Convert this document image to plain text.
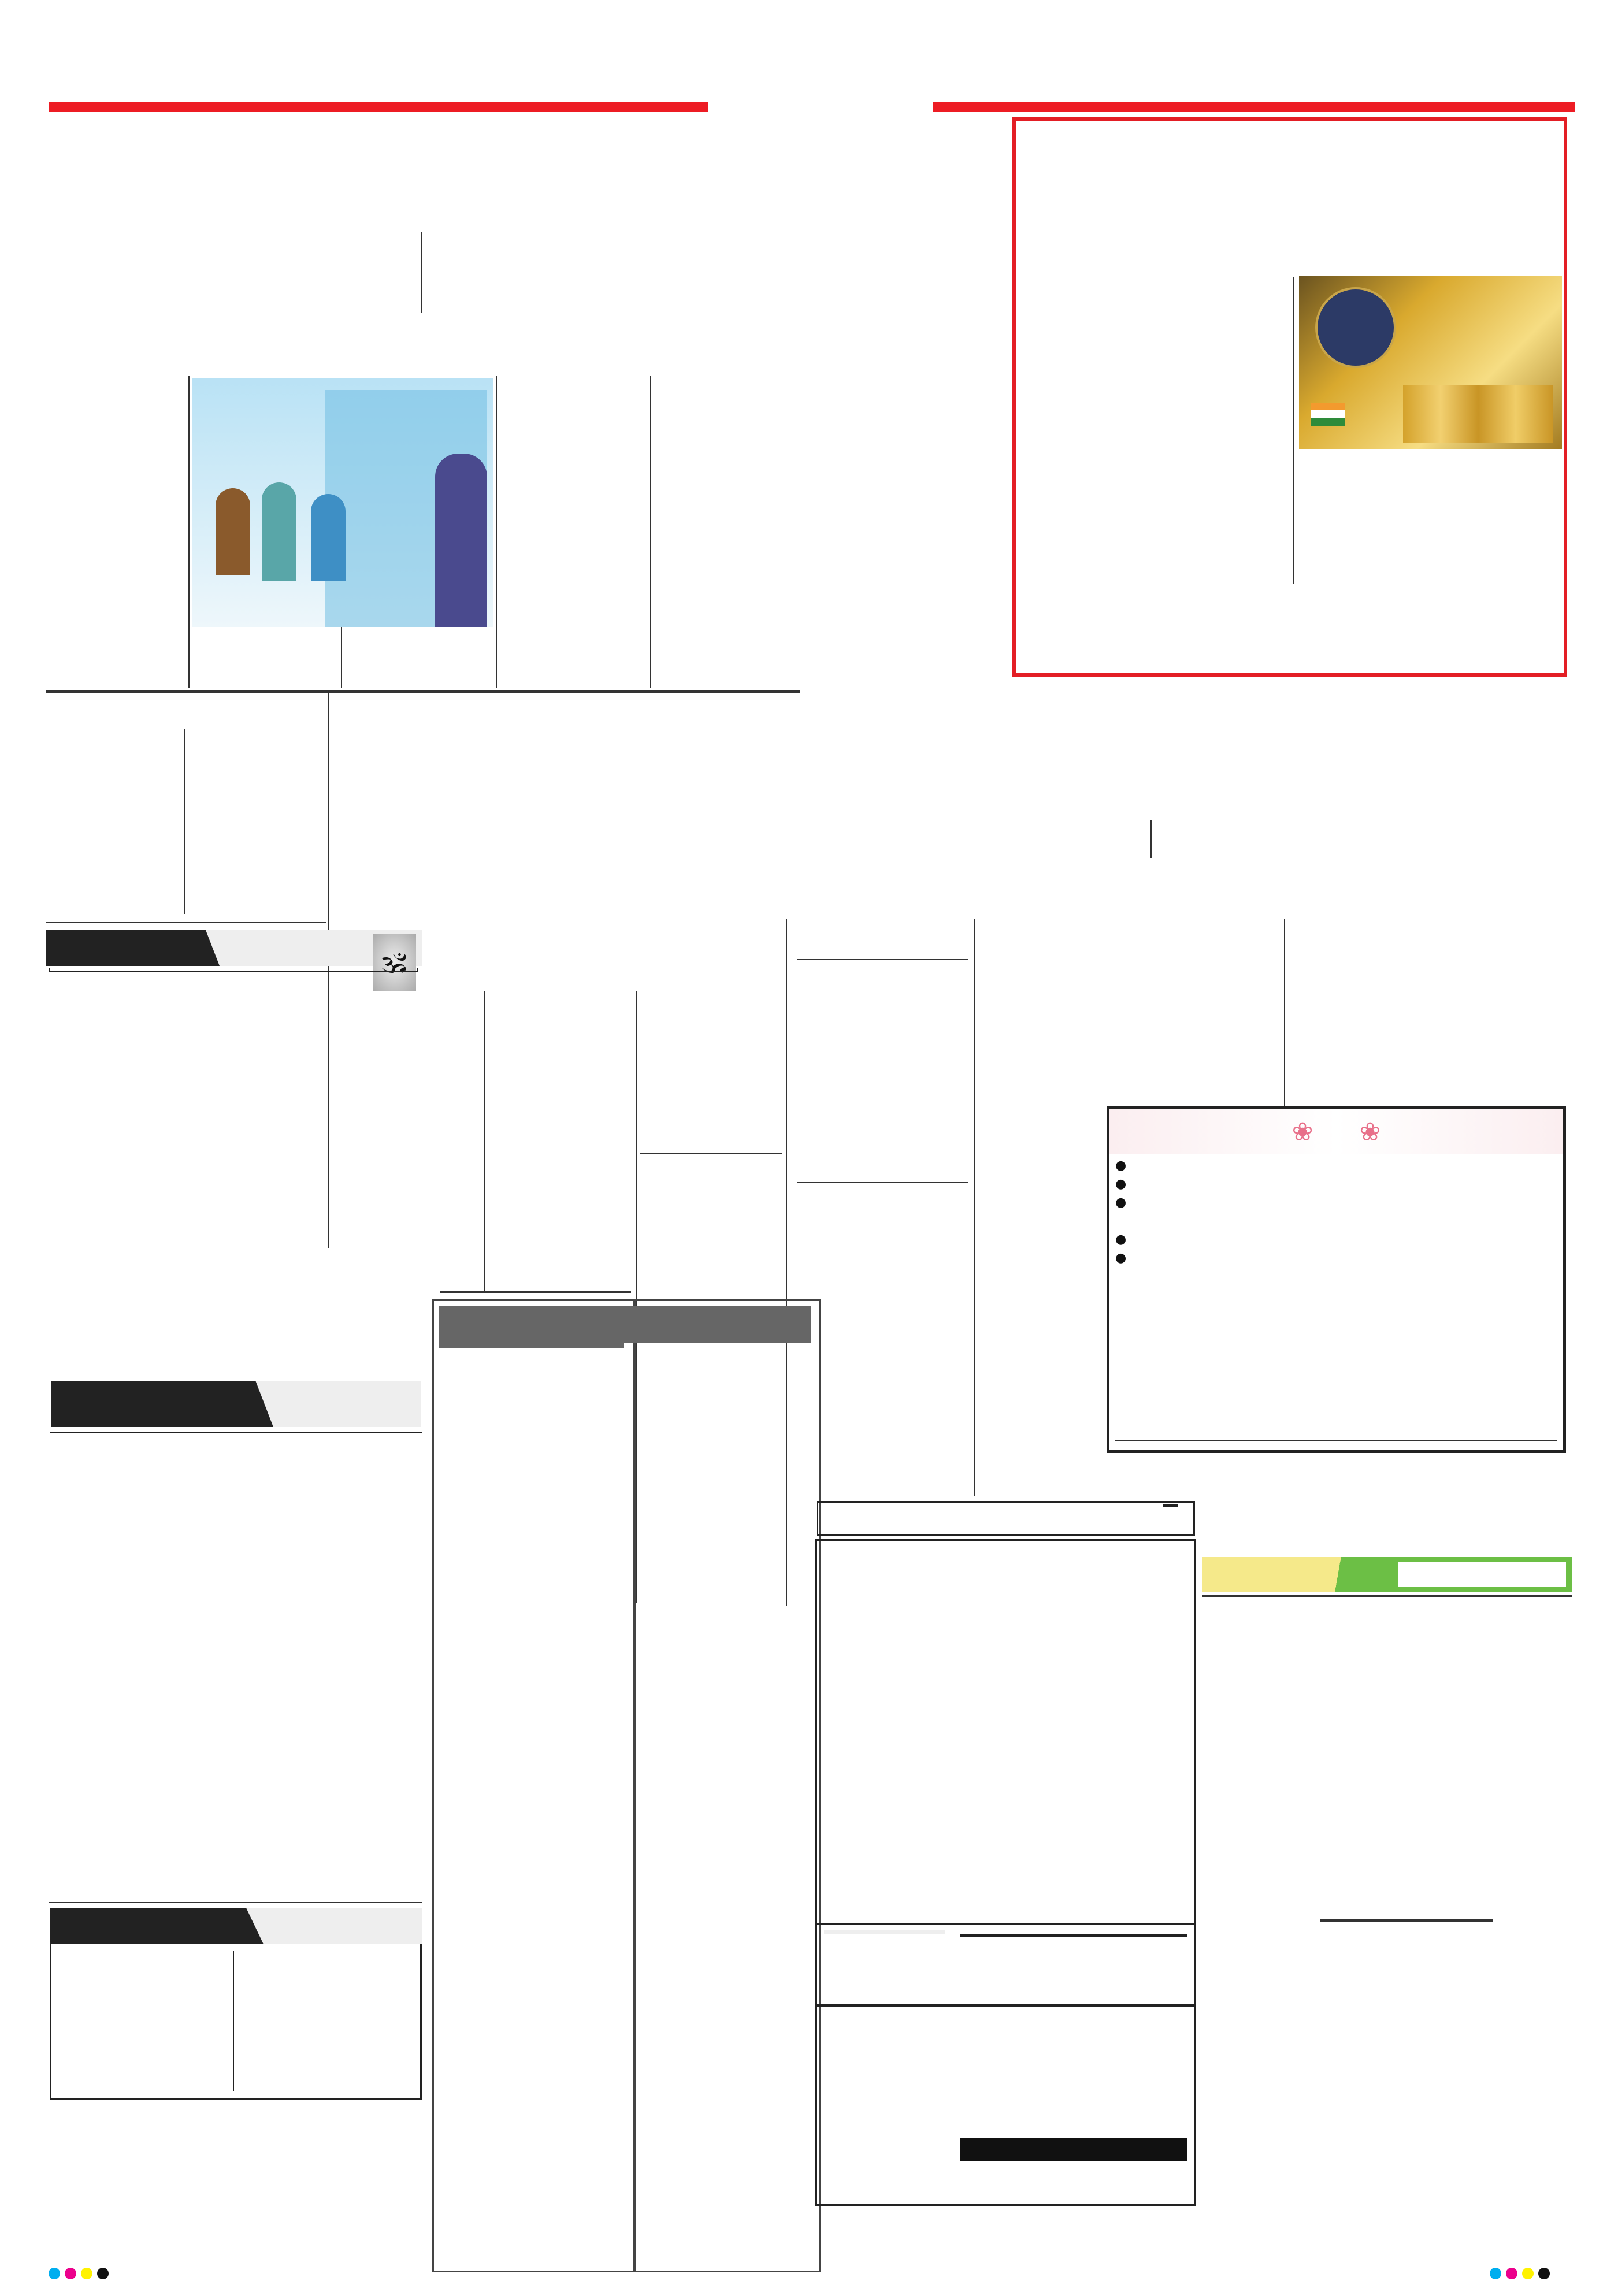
❀ ❀
●
●
●

●
●
🕉
